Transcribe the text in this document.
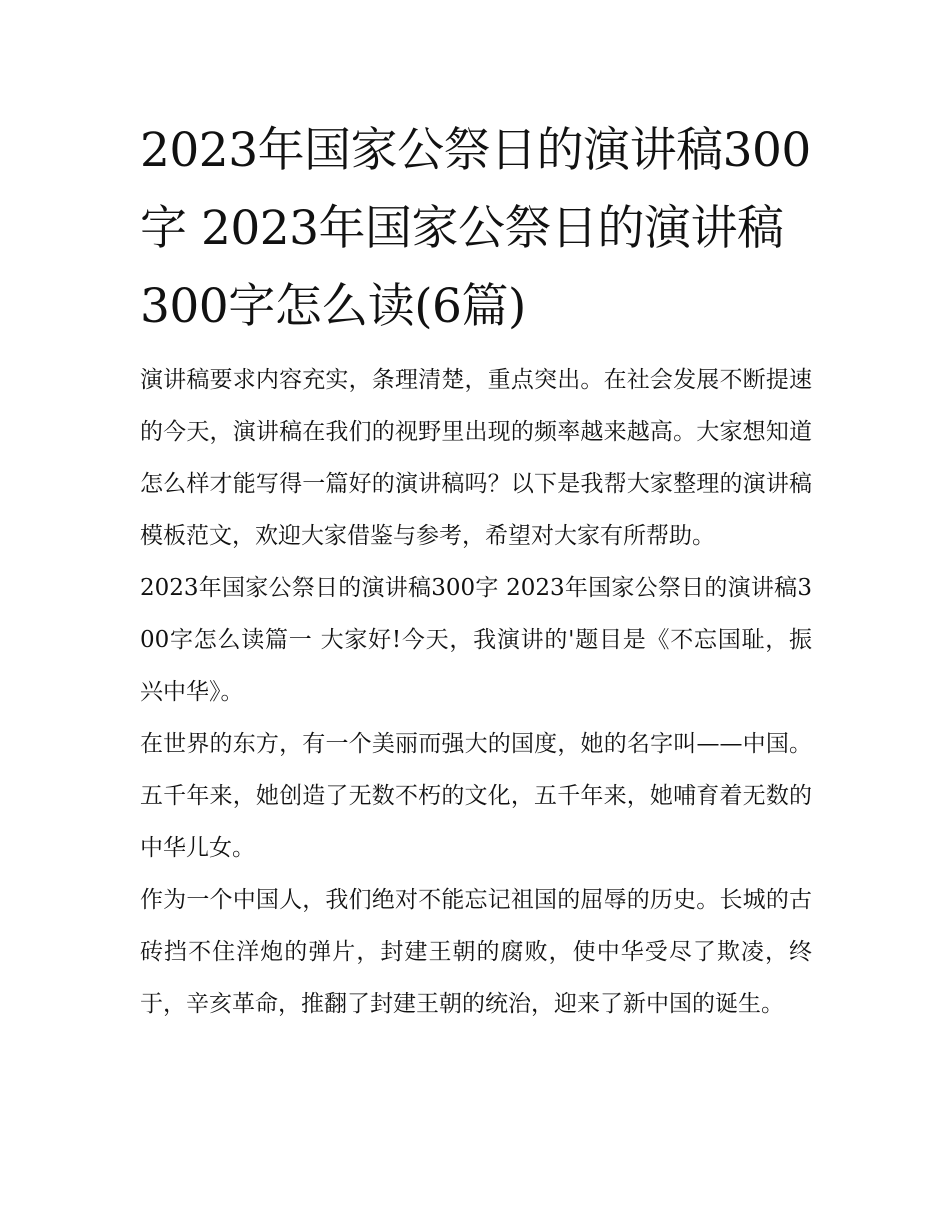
2023年国家公祭日的演讲稿300字 2023年国家公祭日的演讲稿300字怎么读(6篇)

演讲稿要求内容充实，条理清楚，重点突出。在社会发展不断提速的今天，演讲稿在我们的视野里出现的频率越来越高。大家想知道怎么样才能写得一篇好的演讲稿吗？以下是我帮大家整理的演讲稿模板范文，欢迎大家借鉴与参考，希望对大家有所帮助。

2023年国家公祭日的演讲稿300字 2023年国家公祭日的演讲稿300字怎么读篇一 大家好!今天，我演讲的'题目是《不忘国耻，振兴中华》。

在世界的东方，有一个美丽而强大的国度，她的名字叫——中国。五千年来，她创造了无数不朽的文化，五千年来，她哺育着无数的中华儿女。

作为一个中国人，我们绝对不能忘记祖国的屈辱的历史。长城的古砖挡不住洋炮的弹片，封建王朝的腐败，使中华受尽了欺凌，终于，辛亥革命，推翻了封建王朝的统治，迎来了新中国的诞生。
